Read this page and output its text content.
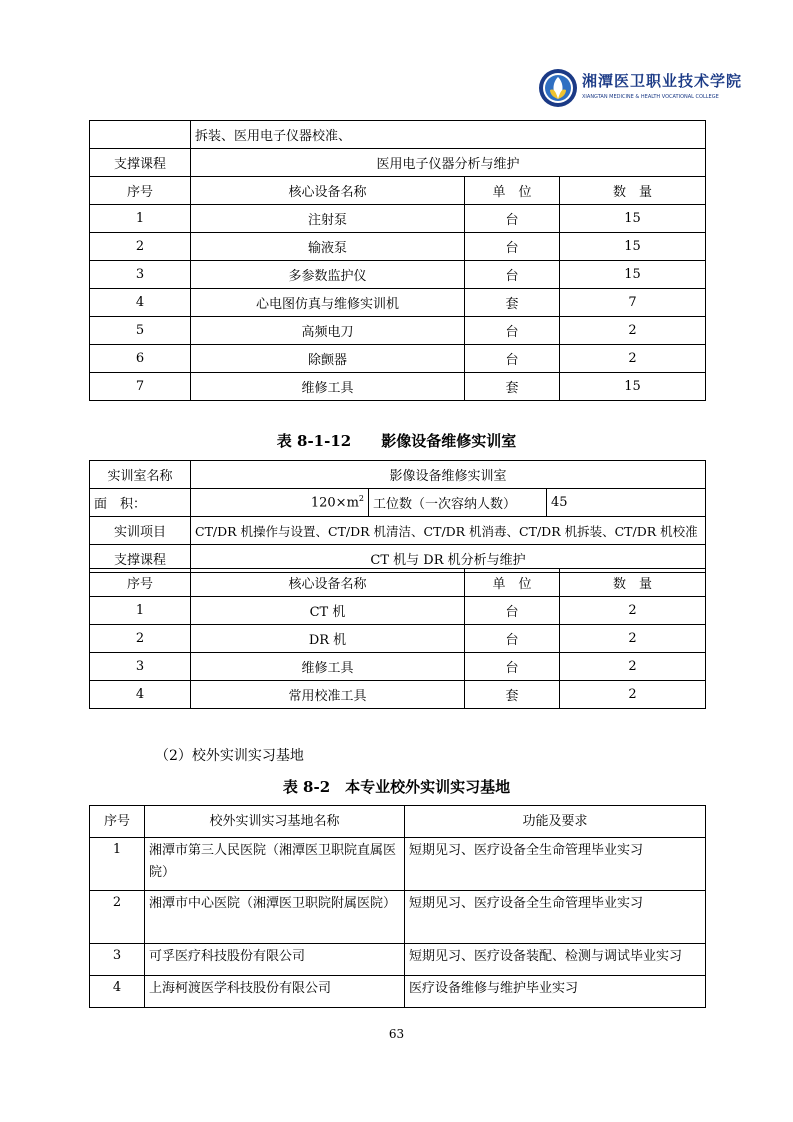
湘潭医卫职业技术学院
XIANGTAN MEDICINE & HEALTH VOCATIONAL COLLEGE
	拆装、医用电子仪器校准、		
支撑课程	医用电子仪器分析与维护		
序号	核心设备名称	单　位	数　量
1	注射泵	台	15
2	输液泵	台	15
3	多参数监护仪	台	15
4	心电图仿真与维修实训机	套	7
5	高频电刀	台	2
6	除颤器	台	2
7	维修工具	套	15
表 8-1-12　　影像设备维修实训室
实训室名称	影像设备维修实训室		
面　积：	$120\times m^2$	工位数（一次容纳人数）	45
实训项目	CT/DR 机操作与设置、CT/DR 机清洁、CT/DR 机消毒、CT/DR 机拆装、CT/DR 机校准		
支撑课程	CT 机与 DR 机分析与维护		
序号	核心设备名称	单　位	数　量
1	CT 机	台	2
2	DR 机	台	2
3	维修工具	台	2
4	常用校准工具	套	2
（2）校外实训实习基地
表 8-2　本专业校外实训实习基地
序号	校外实训实习基地名称	功能及要求
1	湘潭市第三人民医院（湘潭医卫职院直属医院）	短期见习、医疗设备全生命管理毕业实习
2	湘潭市中心医院（湘潭医卫职院附属医院）	短期见习、医疗设备全生命管理毕业实习
3	可孚医疗科技股份有限公司	短期见习、医疗设备装配、检测与调试毕业实习
4	上海柯渡医学科技股份有限公司	医疗设备维修与维护毕业实习
63
